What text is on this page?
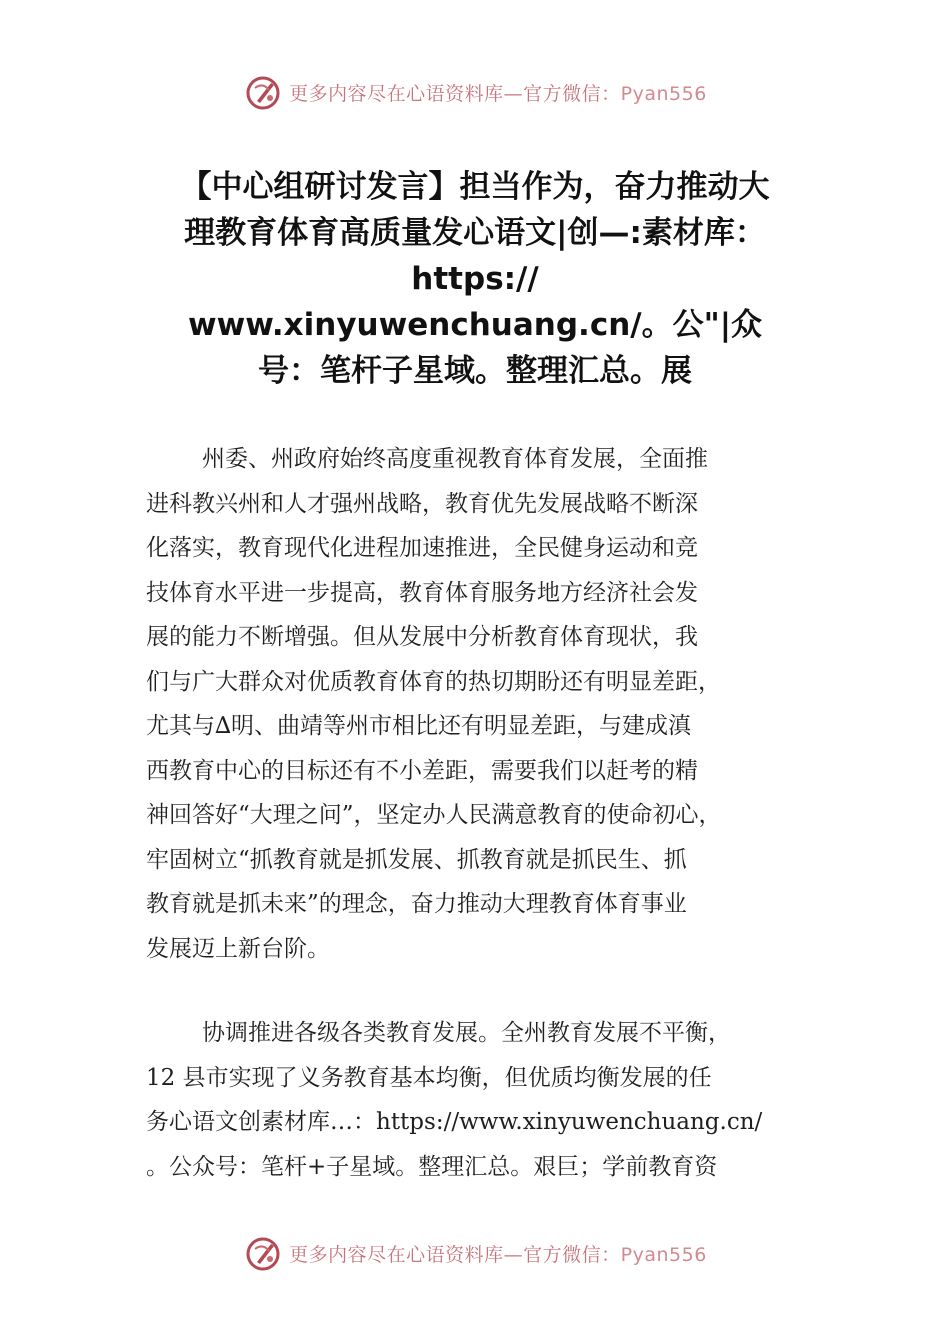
更多内容尽在心语资料库—官方微信：Pyan556
【中心组研讨发言】担当作为，奋力推动大
理教育体育高质量发心语文|创—:素材库：
https://
www.xinyuwenchuang.cn/。公"|众
号：笔杆子星域。整理汇总。展
州委、州政府始终高度重视教育体育发展，全面推
进科教兴州和人才强州战略，教育优先发展战略不断深
化落实，教育现代化进程加速推进，全民健身运动和竞
技体育水平进一步提高，教育体育服务地方经济社会发
展的能力不断增强。但从发展中分析教育体育现状，我
们与广大群众对优质教育体育的热切期盼还有明显差距，
尤其与∆明、曲靖等州市相比还有明显差距，与建成滇
西教育中心的目标还有不小差距，需要我们以赶考的精
神回答好“大理之问”，坚定办人民满意教育的使命初心，
牢固树立“抓教育就是抓发展、抓教育就是抓民生、抓
教育就是抓未来”的理念，奋力推动大理教育体育事业
发展迈上新台阶。
协调推进各级各类教育发展。全州教育发展不平衡，
12 县市实现了义务教育基本均衡，但优质均衡发展的任
务心语文创素材库…：https://www.xinyuwenchuang.cn/
。公众号：笔杆+子星域。整理汇总。艰巨；学前教育资
更多内容尽在心语资料库—官方微信：Pyan556
